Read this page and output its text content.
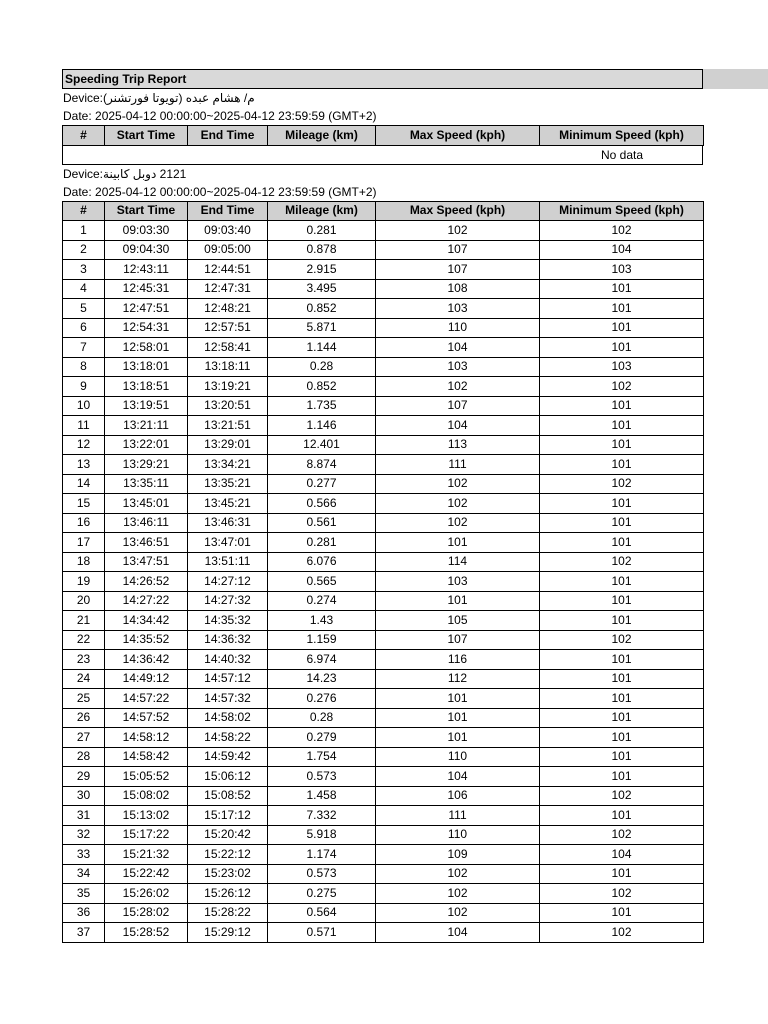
Speeding Trip Report
Device:م/ هشام عبده (تويوتا فورتشنر)
Date: 2025-04-12 00:00:00~2025-04-12 23:59:59 (GMT+2)
#	Start Time	End Time	Mileage (km)	Max Speed (kph)	Minimum Speed (kph)
No data
Device:2121 دوبل كابينة
Date: 2025-04-12 00:00:00~2025-04-12 23:59:59 (GMT+2)
#	Start Time	End Time	Mileage (km)	Max Speed (kph)	Minimum Speed (kph)
1	09:03:30	09:03:40	0.281	102	102
2	09:04:30	09:05:00	0.878	107	104
3	12:43:11	12:44:51	2.915	107	103
4	12:45:31	12:47:31	3.495	108	101
5	12:47:51	12:48:21	0.852	103	101
6	12:54:31	12:57:51	5.871	110	101
7	12:58:01	12:58:41	1.144	104	101
8	13:18:01	13:18:11	0.28	103	103
9	13:18:51	13:19:21	0.852	102	102
10	13:19:51	13:20:51	1.735	107	101
11	13:21:11	13:21:51	1.146	104	101
12	13:22:01	13:29:01	12.401	113	101
13	13:29:21	13:34:21	8.874	111	101
14	13:35:11	13:35:21	0.277	102	102
15	13:45:01	13:45:21	0.566	102	101
16	13:46:11	13:46:31	0.561	102	101
17	13:46:51	13:47:01	0.281	101	101
18	13:47:51	13:51:11	6.076	114	102
19	14:26:52	14:27:12	0.565	103	101
20	14:27:22	14:27:32	0.274	101	101
21	14:34:42	14:35:32	1.43	105	101
22	14:35:52	14:36:32	1.159	107	102
23	14:36:42	14:40:32	6.974	116	101
24	14:49:12	14:57:12	14.23	112	101
25	14:57:22	14:57:32	0.276	101	101
26	14:57:52	14:58:02	0.28	101	101
27	14:58:12	14:58:22	0.279	101	101
28	14:58:42	14:59:42	1.754	110	101
29	15:05:52	15:06:12	0.573	104	101
30	15:08:02	15:08:52	1.458	106	102
31	15:13:02	15:17:12	7.332	111	101
32	15:17:22	15:20:42	5.918	110	102
33	15:21:32	15:22:12	1.174	109	104
34	15:22:42	15:23:02	0.573	102	101
35	15:26:02	15:26:12	0.275	102	102
36	15:28:02	15:28:22	0.564	102	101
37	15:28:52	15:29:12	0.571	104	102
